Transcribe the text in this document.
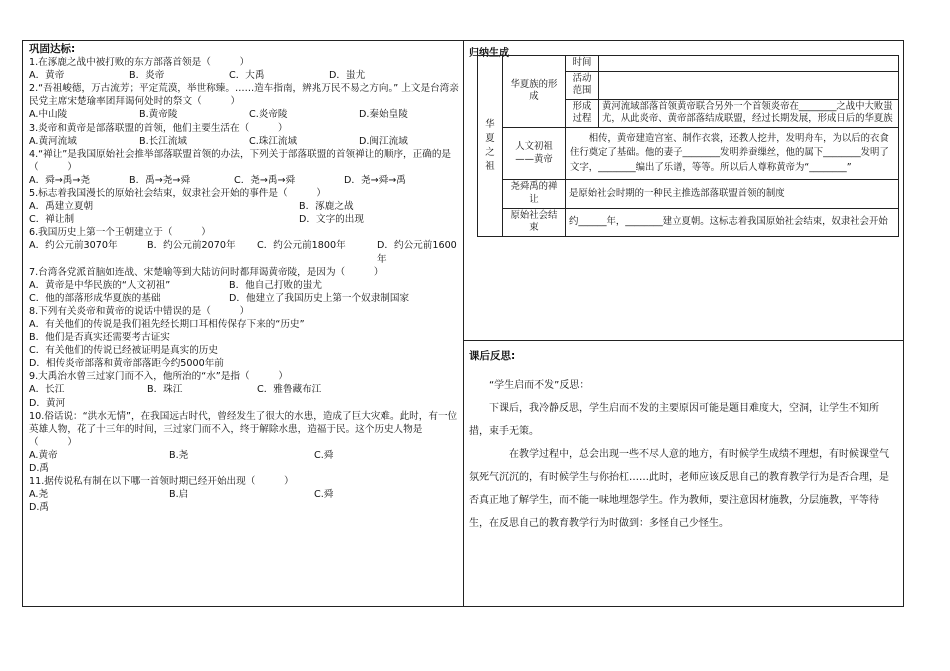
巩固达标:

1.在涿鹿之战中被打败的东方部落首领是（　　　）

A．黄帝	B．炎帝	C．大禹	D．蚩尤

2.“吾祖峻德，万古流芳；平定荒漠，举世称臻。……造车指南，辨兆万民不易之方向。” 上文是台湾亲民党主席宋楚瑜率团拜谒何处时的祭文（　　　）

A.中山陵	B.黄帝陵	C.炎帝陵	D.秦始皇陵

3.炎帝和黄帝是部落联盟的首领，他们主要生活在（　　　）

A.黄河流域	B.长江流域	C.珠江流域	D.闽江流域

4.“禅让”是我国原始社会推举部落联盟首领的办法，下列关于部落联盟的首领禅让的顺序，正确的是（　　　）

A．舜→禹→尧	B．禹→尧→舜	C．尧→禹→舜	D．尧→舜→禹

5.标志着我国漫长的原始社会结束，奴隶社会开始的事件是（　　　）

A．禹建立夏朝	B．涿鹿之战
C．禅让制	D．文字的出现

6.我国历史上第一个王朝建立于（　　　）

A．约公元前3070年	B．约公元前2070年	C．约公元前1800年	D．约公元前1600年

7.台湾各党派首脑如连战、宋楚喻等到大陆访问时都拜谒黄帝陵，是因为（　　　）

A．黄帝是中华民族的“人文初祖”	B．他自己打败的蚩尤
C．他的部落形成华夏族的基础	D．他建立了我国历史上第一个奴隶制国家

8.下列有关炎帝和黄帝的说话中错误的是（　　　）

A．有关他们的传说是我们祖先经长期口耳相传保存下来的“历史”

B．他们是否真实还需要考古证实

C．有关他们的传说已经被证明是真实的历史

D．相传炎帝部落和黄帝部落距今约5000年前

9.大禹治水曾三过家门而不入，他所治的“水”是指（　　　）

A．长江	B．珠江	C．雅鲁藏布江

D．黄河

10.俗话说：“洪水无情”，在我国远古时代，曾经发生了很大的水患，造成了巨大灾难。此时，有一位英雄人物，花了十三年的时间，三过家门而不入，终于解除水患，造福于民。这个历史人物是（　　　）

A.黄帝	B.尧	C.舜

D.禹

11.据传说私有制在以下哪一首领时期已经开始出现（　　　）

A.尧	B.启	C.舜

D.禹

归纳生成
华夏之祖	华夏族的形成	时间	
		活动范围	
		形成过程	黄河流域部落首领黄帝联合另外一个首领炎帝在________之战中大败蚩尤，从此炎帝、黄帝部落结成联盟，经过长期发展，形成日后的华夏族
	人文初祖——黄帝	相传，黄帝建造宫室、制作衣裳，还教人挖井，发明舟车，为以后的衣食住行奠定了基础。他的妻子________发明养蚕缫丝，他的属下________发明了文字，________编出了乐谱，等等。所以后人尊称黄帝为“________”	
	尧舜禹的禅让	是原始社会时期的一种民主推选部落联盟首领的制度	
	原始社会结束	约______年，________建立夏朝。这标志着我国原始社会结束，奴隶社会开始	

课后反思:

“学生启而不发”反思：

下课后，我冷静反思，学生启而不发的主要原因可能是题目难度大，空洞，让学生不知所措，束手无策。

在教学过程中，总会出现一些不尽人意的地方，有时候学生成绩不理想，有时候课堂气氛死气沉沉的，有时候学生与你抬杠……此时，老师应该反思自己的教育教学行为是否合理，是否真正地了解学生，而不能一味地埋怨学生。作为教师，要注意因材施教，分层施教，平等待生，在反思自己的教育教学行为时做到：多怪自己少怪生。
